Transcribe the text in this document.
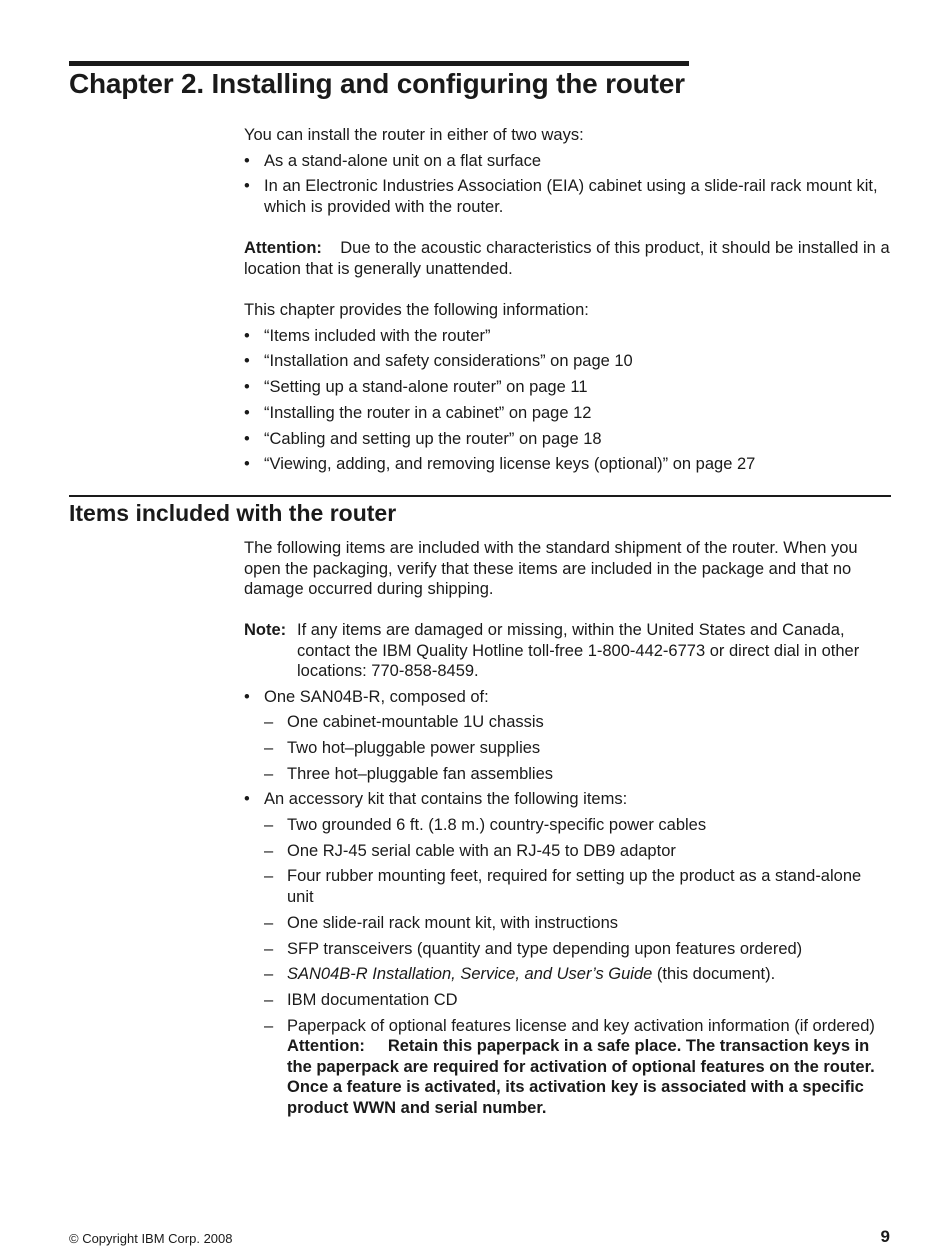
Chapter 2. Installing and configuring the router

You can install the router in either of two ways:

• As a stand-alone unit on a flat surface
• In an Electronic Industries Association (EIA) cabinet using a slide-rail rack mount kit, which is provided with the router.

Attention: Due to the acoustic characteristics of this product, it should be installed in a location that is generally unattended.

This chapter provides the following information:

• “Items included with the router”
• “Installation and safety considerations” on page 10
• “Setting up a stand-alone router” on page 11
• “Installing the router in a cabinet” on page 12
• “Cabling and setting up the router” on page 18
• “Viewing, adding, and removing license keys (optional)” on page 27
Items included with the router

The following items are included with the standard shipment of the router. When you open the packaging, verify that these items are included in the package and that no damage occurred during shipping.

Note: If any items are damaged or missing, within the United States and Canada, contact the IBM Quality Hotline toll-free 1-800-442-6773 or direct dial in other locations: 770-858-8459.
• One SAN04B-R, composed of:
– One cabinet-mountable 1U chassis
– Two hot–pluggable power supplies
– Three hot–pluggable fan assemblies
• An accessory kit that contains the following items:
– Two grounded 6 ft. (1.8 m.) country-specific power cables
– One RJ-45 serial cable with an RJ-45 to DB9 adaptor
– Four rubber mounting feet, required for setting up the product as a stand-alone unit
– One slide-rail rack mount kit, with instructions
– SFP transceivers (quantity and type depending upon features ordered)
– SAN04B-R Installation, Service, and User’s Guide (this document).
– IBM documentation CD
– Paperpack of optional features license and key activation information (if ordered)

Attention: Retain this paperpack in a safe place. The transaction keys in the paperpack are required for activation of optional features on the router. Once a feature is activated, its activation key is associated with a specific product WWN and serial number.

© Copyright IBM Corp. 2008	9
